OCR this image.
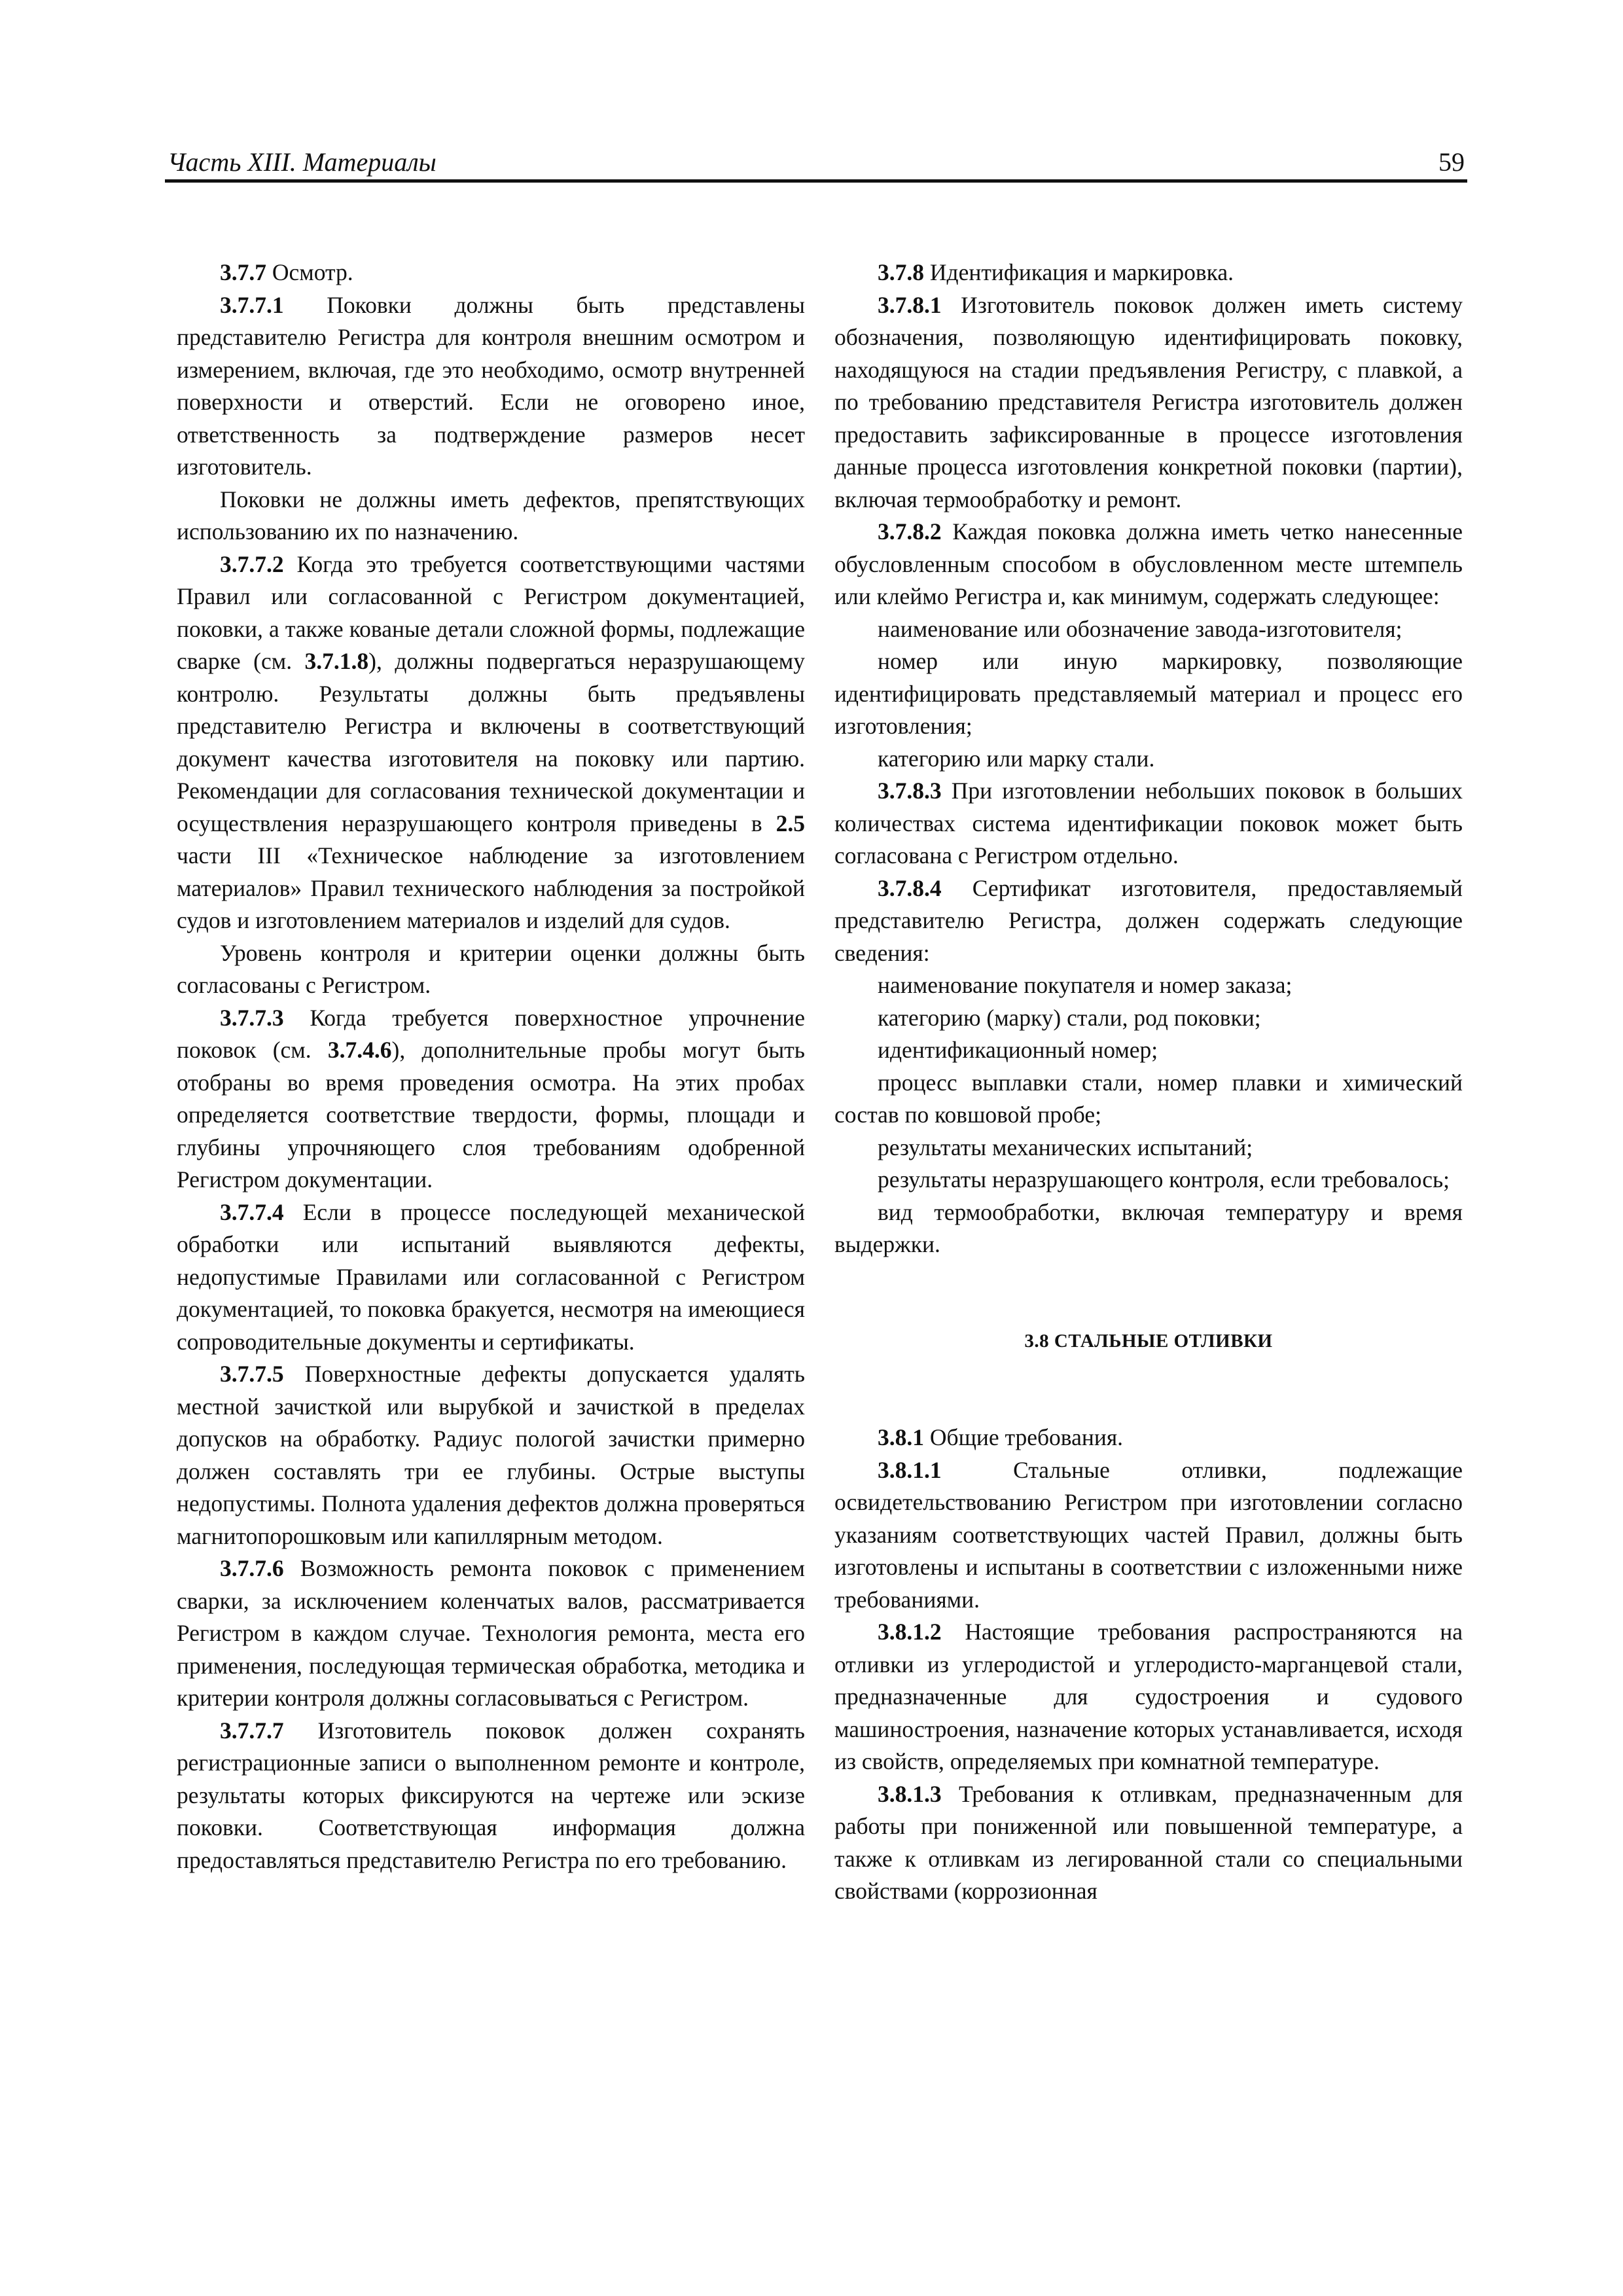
Часть XIII. Материалы	59

3.7.7 Осмотр.

3.7.7.1 Поковки должны быть представлены представителю Регистра для контроля внешним осмотром и измерением, включая, где это необходимо, осмотр внутренней поверхности и отверстий. Если не оговорено иное, ответственность за подтверждение размеров несет изготовитель.

Поковки не должны иметь дефектов, препятствующих использованию их по назначению.

3.7.7.2 Когда это требуется соответствующими частями Правил или согласованной с Регистром документацией, поковки, а также кованые детали сложной формы, подлежащие сварке (см. 3.7.1.8), должны подвергаться неразрушающему контролю. Результаты должны быть предъявлены представителю Регистра и включены в соответствующий документ качества изготовителя на поковку или партию. Рекомендации для согласования технической документации и осуществления неразрушающего контроля приведены в 2.5 части III «Техническое наблюдение за изготовлением материалов» Правил технического наблюдения за постройкой судов и изготовлением материалов и изделий для судов.

Уровень контроля и критерии оценки должны быть согласованы с Регистром.

3.7.7.3 Когда требуется поверхностное упрочнение поковок (см. 3.7.4.6), дополнительные пробы могут быть отобраны во время проведения осмотра. На этих пробах определяется соответствие твердости, формы, площади и глубины упрочняющего слоя требованиям одобренной Регистром документации.

3.7.7.4 Если в процессе последующей механической обработки или испытаний выявляются дефекты, недопустимые Правилами или согласованной с Регистром документацией, то поковка бракуется, несмотря на имеющиеся сопроводительные документы и сертификаты.

3.7.7.5 Поверхностные дефекты допускается удалять местной зачисткой или вырубкой и зачисткой в пределах допусков на обработку. Радиус пологой зачистки примерно должен составлять три ее глубины. Острые выступы недопустимы. Полнота удаления дефектов должна проверяться магнитопорошковым или капиллярным методом.

3.7.7.6 Возможность ремонта поковок с применением сварки, за исключением коленчатых валов, рассматривается Регистром в каждом случае. Технология ремонта, места его применения, последующая термическая обработка, методика и критерии контроля должны согласовываться с Регистром.

3.7.7.7 Изготовитель поковок должен сохранять регистрационные записи о выполненном ремонте и контроле, результаты которых фиксируются на чертеже или эскизе поковки. Соответствующая информация должна предоставляться представителю Регистра по его требованию.

3.7.8 Идентификация и маркировка.

3.7.8.1 Изготовитель поковок должен иметь систему обозначения, позволяющую идентифицировать поковку, находящуюся на стадии предъявления Регистру, с плавкой, а по требованию представителя Регистра изготовитель должен предоставить зафиксированные в процессе изготовления данные процесса изготовления конкретной поковки (партии), включая термообработку и ремонт.

3.7.8.2 Каждая поковка должна иметь четко нанесенные обусловленным способом в обусловленном месте штемпель или клеймо Регистра и, как минимум, содержать следующее:

наименование или обозначение завода-изготовителя;

номер или иную маркировку, позволяющие идентифицировать представляемый материал и процесс его изготовления;

категорию или марку стали.

3.7.8.3 При изготовлении небольших поковок в больших количествах система идентификации поковок может быть согласована с Регистром отдельно.

3.7.8.4 Сертификат изготовителя, предоставляемый представителю Регистра, должен содержать следующие сведения:

наименование покупателя и номер заказа;

категорию (марку) стали, род поковки;

идентификационный номер;

процесс выплавки стали, номер плавки и химический состав по ковшовой пробе;

результаты механических испытаний;

результаты неразрушающего контроля, если требовалось;

вид термообработки, включая температуру и время выдержки.

3.8 СТАЛЬНЫЕ ОТЛИВКИ

3.8.1 Общие требования.

3.8.1.1 Стальные отливки, подлежащие освидетельствованию Регистром при изготовлении согласно указаниям соответствующих частей Правил, должны быть изготовлены и испытаны в соответствии с изложенными ниже требованиями.

3.8.1.2 Настоящие требования распространяются на отливки из углеродистой и углеродисто-марганцевой стали, предназначенные для судостроения и судового машиностроения, назначение которых устанавливается, исходя из свойств, определяемых при комнатной температуре.

3.8.1.3 Требования к отливкам, предназначенным для работы при пониженной или повышенной температуре, а также к отливкам из легированной стали со специальными свойствами (коррозионная
